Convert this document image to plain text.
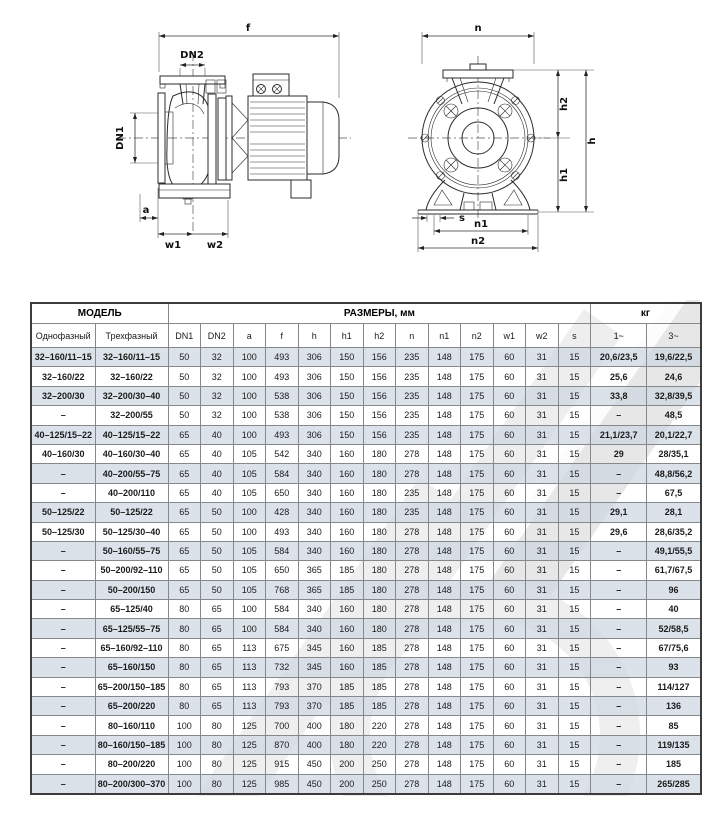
f
DN2
DN1
a
w1	w2
n
h2
h1
h
s
n1
n2
МОДЕЛЬ		РАЗМЕРЫ, мм													кг	
Однофазный	Трехфазный	DN1	DN2	a	f	h	h1	h2	n	n1	n2	w1	w2	s	1~	3~
32–160/11–15	32–160/11–15	50	32	100	493	306	150	156	235	148	175	60	31	15	20,6/23,5	19,6/22,5
32–160/22	32–160/22	50	32	100	493	306	150	156	235	148	175	60	31	15	25,6	24,6
32–200/30	32–200/30–40	50	32	100	538	306	150	156	235	148	175	60	31	15	33,8	32,8/39,5
–	32–200/55	50	32	100	538	306	150	156	235	148	175	60	31	15	–	48,5
40–125/15–22	40–125/15–22	65	40	100	493	306	150	156	235	148	175	60	31	15	21,1/23,7	20,1/22,7
40–160/30	40–160/30–40	65	40	105	542	340	160	180	278	148	175	60	31	15	29	28/35,1
–	40–200/55–75	65	40	105	584	340	160	180	278	148	175	60	31	15	–	48,8/56,2
–	40–200/110	65	40	105	650	340	160	180	235	148	175	60	31	15	–	67,5
50–125/22	50–125/22	65	50	100	428	340	160	180	235	148	175	60	31	15	29,1	28,1
50–125/30	50–125/30–40	65	50	100	493	340	160	180	278	148	175	60	31	15	29,6	28,6/35,2
–	50–160/55–75	65	50	105	584	340	160	180	278	148	175	60	31	15	–	49,1/55,5
–	50–200/92–110	65	50	105	650	365	185	180	278	148	175	60	31	15	–	61,7/67,5
–	50–200/150	65	50	105	768	365	185	180	278	148	175	60	31	15	–	96
–	65–125/40	80	65	100	584	340	160	180	278	148	175	60	31	15	–	40
–	65–125/55–75	80	65	100	584	340	160	180	278	148	175	60	31	15	–	52/58,5
–	65–160/92–110	80	65	113	675	345	160	185	278	148	175	60	31	15	–	67/75,6
–	65–160/150	80	65	113	732	345	160	185	278	148	175	60	31	15	–	93
–	65–200/150–185	80	65	113	793	370	185	185	278	148	175	60	31	15	–	114/127
–	65–200/220	80	65	113	793	370	185	185	278	148	175	60	31	15	–	136
–	80–160/110	100	80	125	700	400	180	220	278	148	175	60	31	15	–	85
–	80–160/150–185	100	80	125	870	400	180	220	278	148	175	60	31	15	–	119/135
–	80–200/220	100	80	125	915	450	200	250	278	148	175	60	31	15	–	185
–	80–200/300–370	100	80	125	985	450	200	250	278	148	175	60	31	15	–	265/285
